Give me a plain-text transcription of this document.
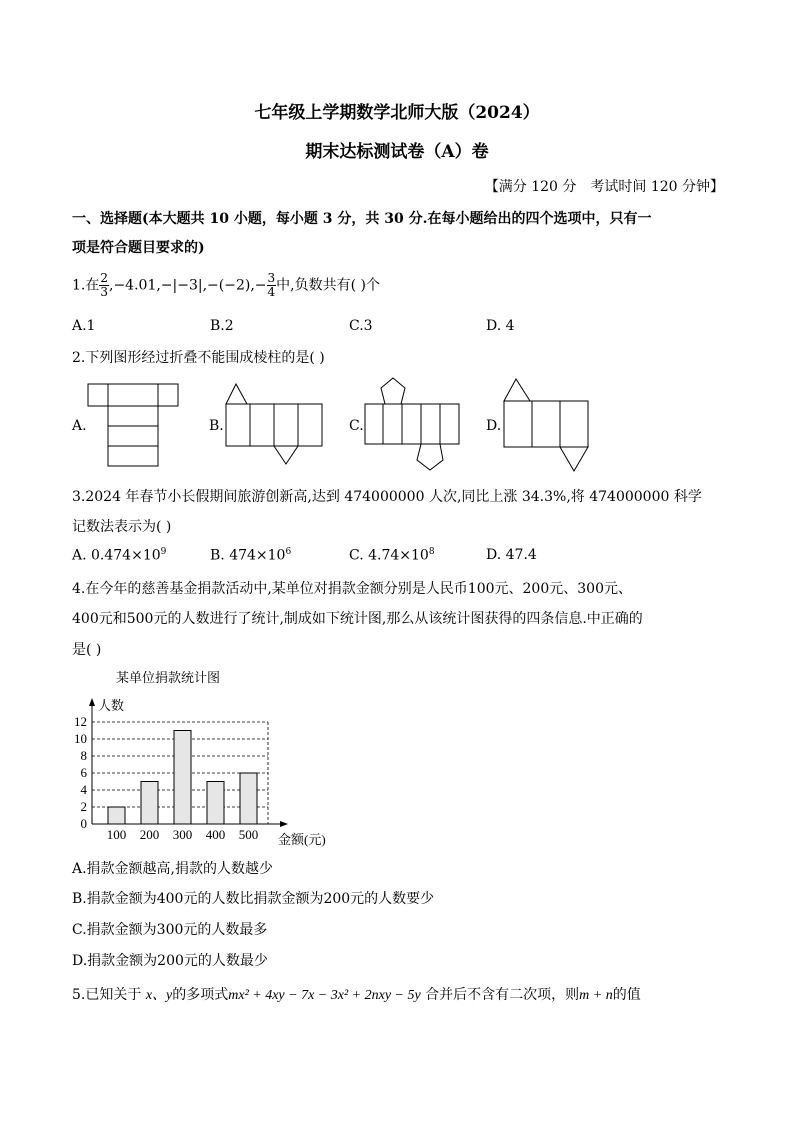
七年级上学期数学北师大版（2024）
期末达标测试卷（A）卷
【满分 120 分　考试时间 120 分钟】
一、选择题(本大题共 10 小题，每小题 3 分，共 30 分.在每小题给出的四个选项中，只有一
项是符合题目要求的)
1.在 $\frac{2}{3} ,-4.01,-|-3|,-(-2),- \frac{3}{4}$ 中,负数共有( )个
A.1	B.2	C.3	D. 4
2.下列图形经过折叠不能围成棱柱的是( )
A.	B.	C.	D.
3.2024 年春节小长假期间旅游创新高,达到 474000000 人次,同比上涨 34.3%,将 474000000 科学
记数法表示为( )
A. $0.474\times 10^9$	B. $474\times 10^6$	C. $4.74\times 10^8$	D. 47.4
4.在今年的慈善基金捐款活动中,某单位对捐款金额分别是人民币100元、200元、300元、
400元和500元的人数进行了统计,制成如下统计图,那么从该统计图获得的四条信息.中正确的
是( )
某单位捐款统计图
0
2
4
6
8
10
12
人数
金额(元)
100 200 300 400 500
A.捐款金额越高,捐款的人数越少
B.捐款金额为400元的人数比捐款金额为200元的人数要少
C.捐款金额为300元的人数最多
D.捐款金额为200元的人数最少
5.已知关于 x、y的多项式mx² + 4xy − 7x − 3x² + 2nxy − 5y 合并后不含有二次项，则m + n的值
